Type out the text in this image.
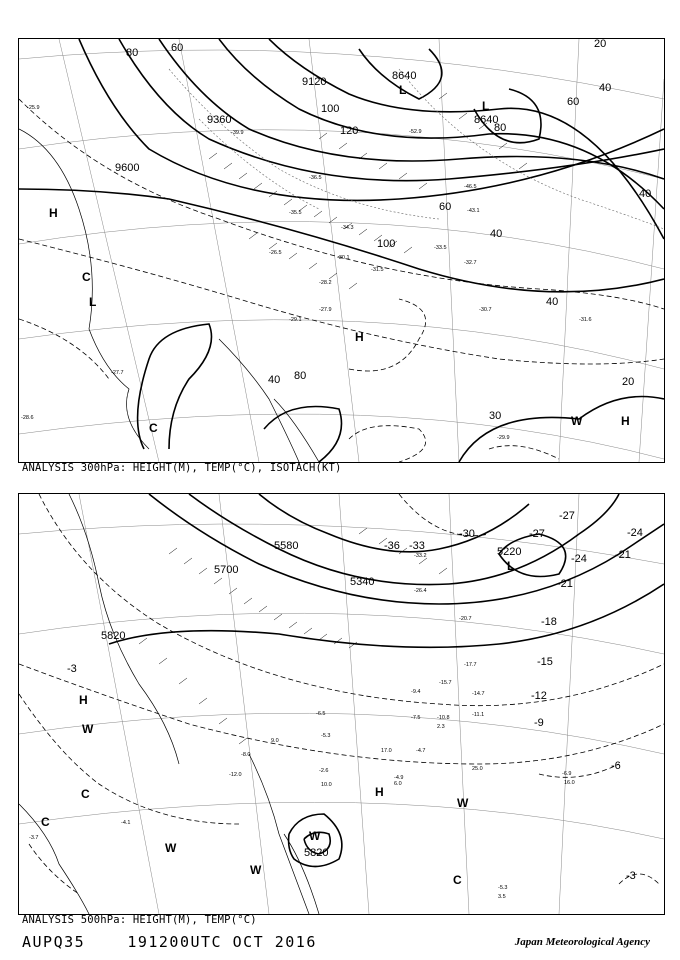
9120
9360
9600
8640
8640
80	60
100
120	80
60
40
40
20
20
40
60
40
80
100
40
30
-29.1
-27.9
-29.9
-31.5
-30.7
-31.6
-32.7
-43.1
-46.5
-52.9
-39.9
-34.3
-36.5
-35.5
-33.5
-28.6
-28.2
-27.7
-26.5
-25.9
-30.1
H
L
C
C
H
W	H
L
L
ANALYSIS 300hPa: HEIGHT(M), TEMP(°C), ISOTACH(KT)
5580
5700
5340
5220
5820
5820
-27
-24
-21
-18
-15
-12
-9
-6
-3
-3
-30
-33
-36
-27	-24
-21
-33.2
-26.4
-20.7
-17.7
-15.7
-14.7
-11.1
-10.8
-9.4
-7.5
-6.5
-5.3
-4.9
-4.7
-2.6
-3.7
-4.1
-5.3
-6.9
25.0
17.0
16.0
10.0
9.0
6.0
3.5
2.3
-8.0
-12.0
H
W
C
W
H
W
C
W
L
W
C
ANALYSIS 500hPa: HEIGHT(M), TEMP(°C)
AUPQ35	191200UTC OCT 2016	Japan Meteorological Agency
